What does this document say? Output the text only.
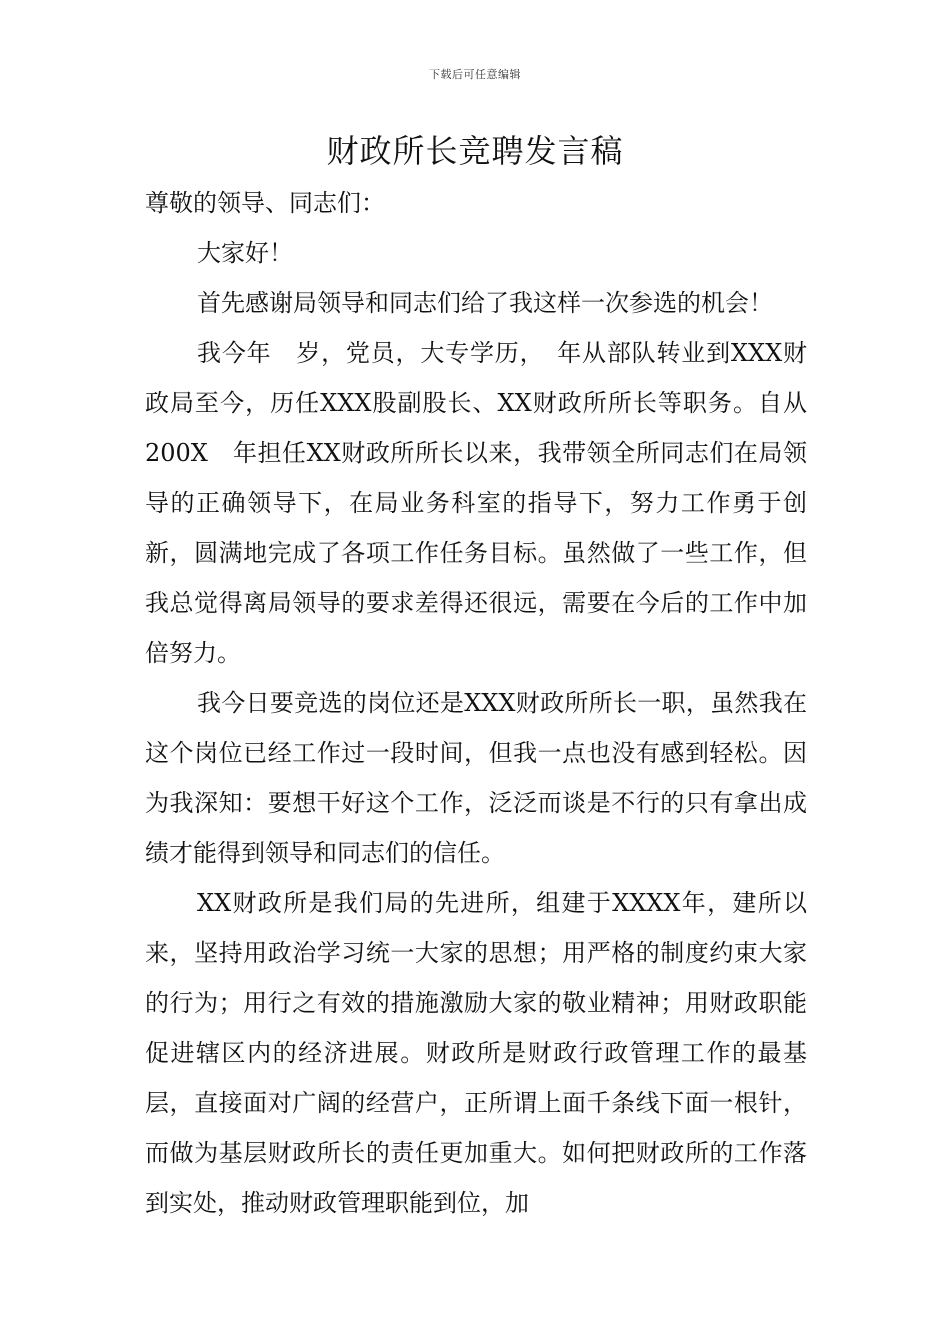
下载后可任意编辑
财政所长竞聘发言稿

尊敬的领导、同志们：

大家好！

首先感谢局领导和同志们给了我这样一次参选的机会！

我今年　岁，党员，大专学历，　年从部队转业到XXX财政局至今，历任XXX股副股长、XX财政所所长等职务。自从200X　年担任XX财政所所长以来，我带领全所同志们在局领导的正确领导下，在局业务科室的指导下，努力工作勇于创新，圆满地完成了各项工作任务目标。虽然做了一些工作，但我总觉得离局领导的要求差得还很远，需要在今后的工作中加倍努力。

我今日要竞选的岗位还是XXX财政所所长一职，虽然我在这个岗位已经工作过一段时间，但我一点也没有感到轻松。因为我深知：要想干好这个工作，泛泛而谈是不行的只有拿出成绩才能得到领导和同志们的信任。

XX财政所是我们局的先进所，组建于XXXX年，建所以来，坚持用政治学习统一大家的思想；用严格的制度约束大家的行为；用行之有效的措施激励大家的敬业精神；用财政职能促进辖区内的经济进展。财政所是财政行政管理工作的最基层，直接面对广阔的经营户，正所谓上面千条线下面一根针，而做为基层财政所长的责任更加重大。如何把财政所的工作落到实处，推动财政管理职能到位，加
